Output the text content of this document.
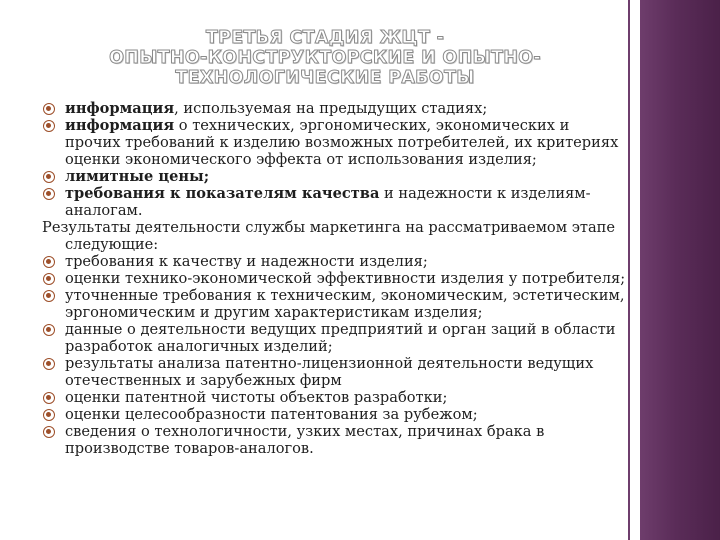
ТРЕТЬЯ СТАДИЯ ЖЦТ -
ОПЫТНО-КОНСТРУКТОРСКИЕ И ОПЫТНО-
ТЕХНОЛОГИЧЕСКИЕ РАБОТЫ
информация, используемая на предыдущих стадиях;
информация о технических, эргономических, экономических и прочих требований к изделию возможных потребителей, их критериях оценки экономического эффекта от использования изделия;
лимитные цены;
требования к показателям качества и надежности к изделиям-аналогам.
Результаты деятельности службы маркетинга на рассматриваемом этапе следующие:
требования к качеству и надежности изделия;
оценки технико-экономической эффективности изделия у потребителя;
уточненные требования к техническим, экономическим, эстетическим, эргономическим и другим характеристикам изделия;
данные о деятельности ведущих предприятий и орган заций в области разработок аналогичных изделий;
результаты анализа патентно-лицензионной деятельности ведущих отечественных и зарубежных фирм
оценки патентной чистоты объектов разработки;
оценки целесообразности патентования за рубежом;
сведения о технологичности, узких местах, причинах брака в производстве товаров-аналогов.
